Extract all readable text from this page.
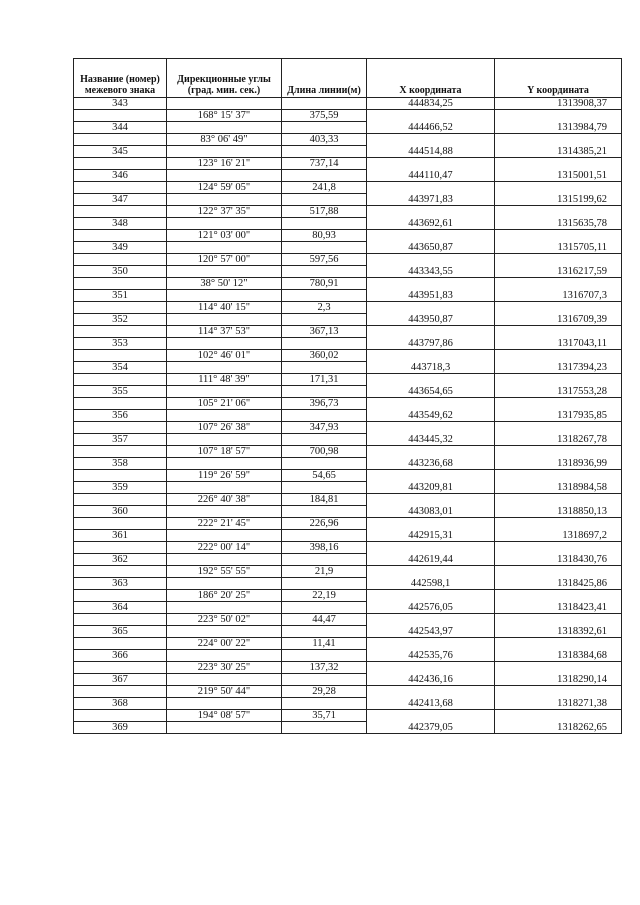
Название (номер) межевого знака	Дирекционные углы (град. мин. сек.)	Длина линии(м)	X координата	Y координата
343			444834,25	1313908,37
	168° 15' 37"	375,59		
344			444466,52	1313984,79
	83° 06' 49"	403,33		
345			444514,88	1314385,21
	123° 16' 21"	737,14		
346			444110,47	1315001,51
	124° 59' 05"	241,8		
347			443971,83	1315199,62
	122° 37' 35"	517,88		
348			443692,61	1315635,78
	121° 03' 00"	80,93		
349			443650,87	1315705,11
	120° 57' 00"	597,56		
350			443343,55	1316217,59
	38° 50' 12"	780,91		
351			443951,83	1316707,3
	114° 40' 15"	2,3		
352			443950,87	1316709,39
	114° 37' 53"	367,13		
353			443797,86	1317043,11
	102° 46' 01"	360,02		
354			443718,3	1317394,23
	111° 48' 39"	171,31		
355			443654,65	1317553,28
	105° 21' 06"	396,73		
356			443549,62	1317935,85
	107° 26' 38"	347,93		
357			443445,32	1318267,78
	107° 18' 57"	700,98		
358			443236,68	1318936,99
	119° 26' 59"	54,65		
359			443209,81	1318984,58
	226° 40' 38"	184,81		
360			443083,01	1318850,13
	222° 21' 45"	226,96		
361			442915,31	1318697,2
	222° 00' 14"	398,16		
362			442619,44	1318430,76
	192° 55' 55"	21,9		
363			442598,1	1318425,86
	186° 20' 25"	22,19		
364			442576,05	1318423,41
	223° 50' 02"	44,47		
365			442543,97	1318392,61
	224° 00' 22"	11,41		
366			442535,76	1318384,68
	223° 30' 25"	137,32		
367			442436,16	1318290,14
	219° 50' 44"	29,28		
368			442413,68	1318271,38
	194° 08' 57"	35,71		
369			442379,05	1318262,65
